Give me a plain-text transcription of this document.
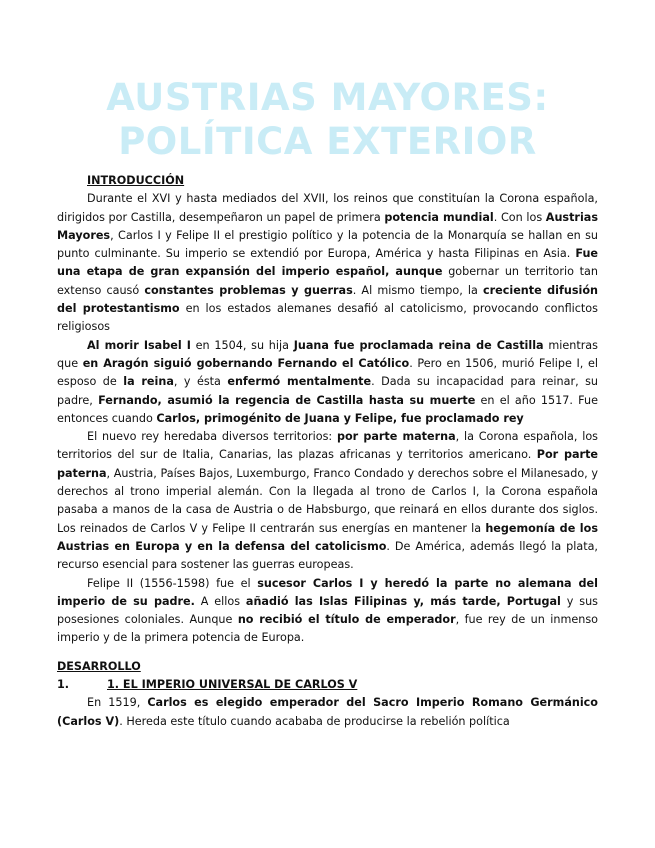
AUSTRIAS MAYORES:
POLÍTICA EXTERIOR
INTRODUCCIÓN

Durante el XVI y hasta mediados del XVII, los reinos que constituían la Corona española, dirigidos por Castilla, desempeñaron un papel de primera potencia mundial. Con los Austrias Mayores, Carlos I y Felipe II el prestigio político y la potencia de la Monarquía se hallan en su punto culminante. Su imperio se extendió por Europa, América y hasta Filipinas en Asia. Fue una etapa de gran expansión del imperio español, aunque gobernar un territorio tan extenso causó constantes problemas y guerras. Al mismo tiempo, la creciente difusión del protestantismo en los estados alemanes desafió al catolicismo, provocando conflictos religiosos

Al morir Isabel I en 1504, su hija Juana fue proclamada reina de Castilla mientras que en Aragón siguió gobernando Fernando el Católico. Pero en 1506, murió Felipe I, el esposo de la reina, y ésta enfermó mentalmente. Dada su incapacidad para reinar, su padre, Fernando, asumió la regencia de Castilla hasta su muerte en el año 1517. Fue entonces cuando Carlos, primogénito de Juana y Felipe, fue proclamado rey

El nuevo rey heredaba diversos territorios: por parte materna, la Corona española, los territorios del sur de Italia, Canarias, las plazas africanas y territorios americano. Por parte paterna, Austria, Países Bajos, Luxemburgo, Franco Condado y derechos sobre el Milanesado, y derechos al trono imperial alemán. Con la llegada al trono de Carlos I, la Corona española pasaba a manos de la casa de Austria o de Habsburgo, que reinará en ellos durante dos siglos. Los reinados de Carlos V y Felipe II centrarán sus energías en mantener la hegemonía de los Austrias en Europa y en la defensa del catolicismo. De América, además llegó la plata, recurso esencial para sostener las guerras europeas.

Felipe II (1556-1598) fue el sucesor Carlos I y heredó la parte no alemana del imperio de su padre. A ellos añadió las Islas Filipinas y, más tarde, Portugal y sus posesiones coloniales. Aunque no recibió el título de emperador, fue rey de un inmenso imperio y de la primera potencia de Europa.

DESARROLLO
1.	1. EL IMPERIO UNIVERSAL DE CARLOS V

En 1519, Carlos es elegido emperador del Sacro Imperio Romano Germánico (Carlos V). Hereda este título cuando acababa de producirse la rebelión política
